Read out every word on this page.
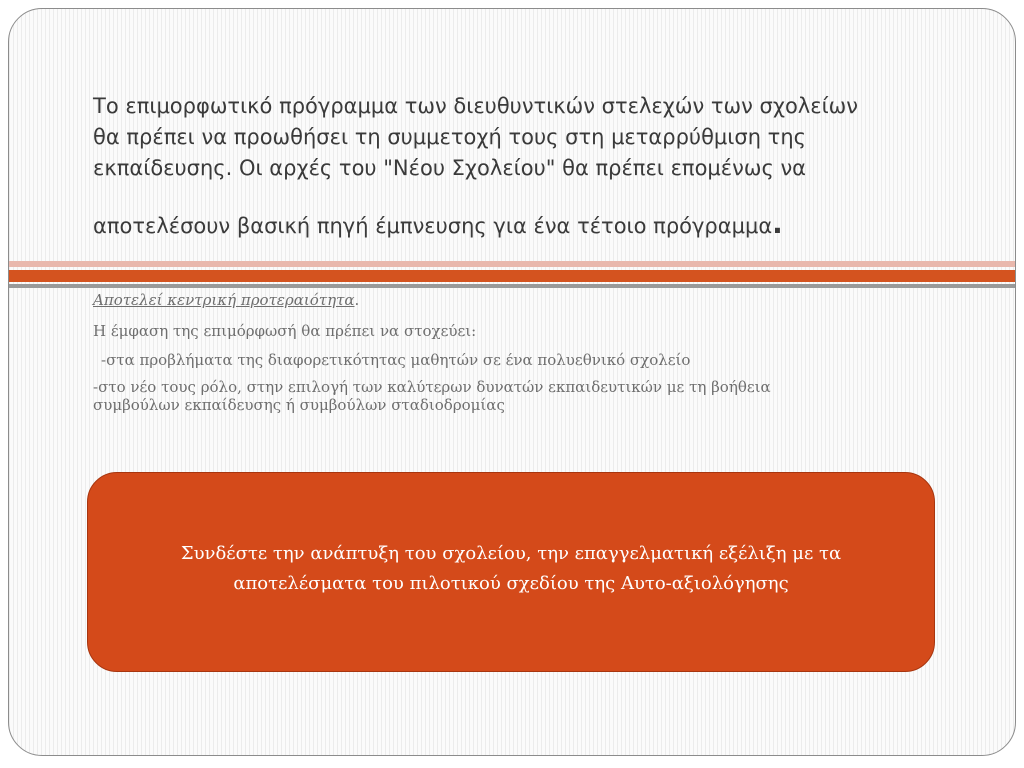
Το επιμορφωτικό πρόγραμμα των διευθυντικών στελεχών των σχολείων
θα πρέπει να προωθήσει τη συμμετοχή τους στη μεταρρύθμιση της
εκπαίδευσης. Οι αρχές του "Νέου Σχολείου" θα πρέπει επομένως να
αποτελέσουν βασική πηγή έμπνευσης για ένα τέτοιο πρόγραμμα.

Αποτελεί κεντρική προτεραιότητα.

Η έμφαση της επιμόρφωσή θα πρέπει να στοχεύει:

-στα προβλήματα της διαφορετικότητας μαθητών σε ένα πολυεθνικό σχολείο

-στο νέο τους ρόλο, στην επιλογή των καλύτερων δυνατών εκπαιδευτικών με τη βοήθεια
συμβούλων εκπαίδευσης ή συμβούλων σταδιοδρομίας

Συνδέστε την ανάπτυξη του σχολείου, την επαγγελματική εξέλιξη με τα
αποτελέσματα του πιλοτικού σχεδίου της Αυτο-αξιολόγησης
